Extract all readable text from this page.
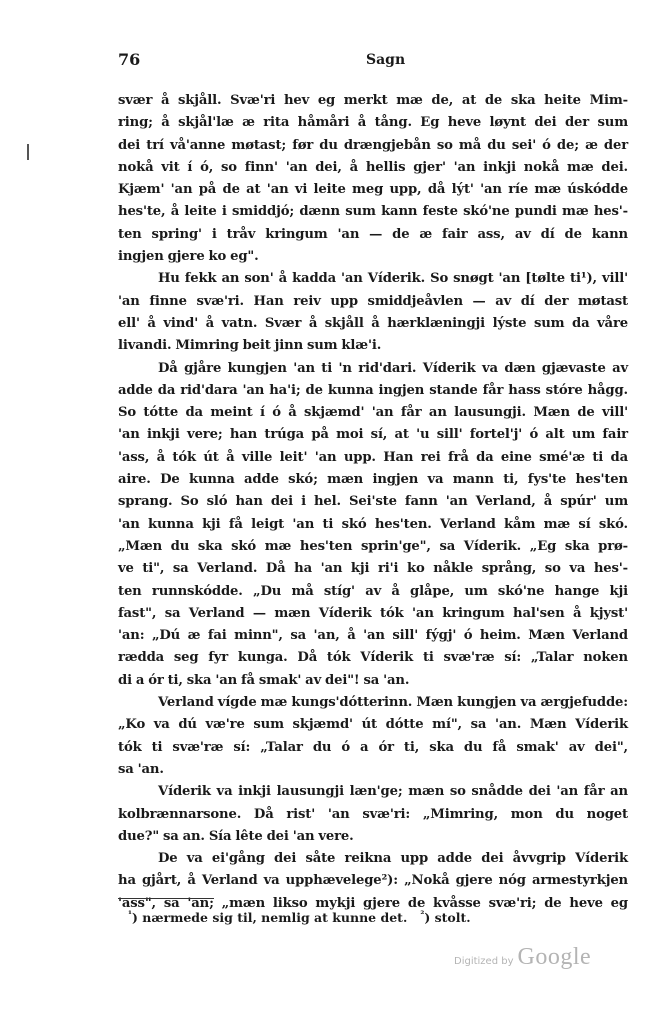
76	Sagn
svær å skjåll. Svæ'ri hev eg merkt mæ de, at de ska heite Mim-
ring; å skjål'læ æ rita håmåri å tång. Eg heve løynt dei der sum
dei trí vå'anne møtast; før du drængjebån so må du sei' ó de; æ der
nokå vit í ó, so finn' 'an dei, å hellis gjer' 'an inkji nokå mæ dei.
Kjæm' 'an på de at 'an vi leite meg upp, då lýt' 'an ríe mæ úskódde
hes'te, å leite i smiddjó; dænn sum kann feste skó'ne pundi mæ hes'-
ten spring' i tråv kringum 'an — de æ fair ass, av dí de kann
ingjen gjere ko eg".
Hu fekk an son' å kadda 'an Víderik. So snøgt 'an [tølte ti¹), vill'
'an finne svæ'ri. Han reiv upp smiddjeåvlen — av dí der møtast
ell' å vind' å vatn. Svær å skjåll å hærklæningji lýste sum da våre
livandi. Mimring beit jinn sum klæ'i.
Då gjåre kungjen 'an ti 'n rid'dari. Víderik va dæn gjævaste av
adde da rid'dara 'an ha'i; de kunna ingjen stande får hass stóre hågg.
So tótte da meint í ó å skjæmd' 'an får an lausungji. Mæn de vill'
'an inkji vere; han trúga på moi sí, at 'u sill' fortel'j' ó alt um fair
'ass, å tók út å ville leit' 'an upp. Han rei frå da eine smé'æ ti da
aire. De kunna adde skó; mæn ingjen va mann ti, fys'te hes'ten
sprang. So sló han dei i hel. Sei'ste fann 'an Verland, å spúr' um
'an kunna kji få leigt 'an ti skó hes'ten. Verland kåm mæ sí skó.
„Mæn du ska skó mæ hes'ten sprin'ge", sa Víderik. „Eg ska prø-
ve ti", sa Verland. Då ha 'an kji ri'i ko nåkle språng, so va hes'-
ten runnskódde. „Du må stíg' av å glåpe, um skó'ne hange kji
fast", sa Verland — mæn Víderik tók 'an kringum hal'sen å kjyst'
'an: „Dú æ fai minn", sa 'an, å 'an sill' fýgj' ó heim. Mæn Verland
rædda seg fyr kunga. Då tók Víderik ti svæ'ræ sí: „Talar noken
di a ór ti, ska 'an få smak' av dei"! sa 'an.
Verland vígde mæ kungs'dótterinn. Mæn kungjen va ærgjefudde:
„Ko va dú væ're sum skjæmd' út dótte mí", sa 'an. Mæn Víderik
tók ti svæ'ræ sí: „Talar du ó a ór ti, ska du få smak' av dei",
sa 'an.
Víderik va inkji lausungji læn'ge; mæn so snådde dei 'an får an
kolbrænnarsone. Då rist' 'an svæ'ri: „Mimring, mon du noget
due?" sa an. Sía lête dei 'an vere.
De va ei'gång dei såte reikna upp adde dei åvvgrip Víderik
ha gjårt, å Verland va upphævelege²): „Nokå gjere nóg armestyrkjen
'ass", sa 'an; „mæn likso mykji gjere de kvåsse svæ'ri; de heve eg
$^{^1}$) nærmede sig til, nemlig at kunne det. $^{^2}$) stolt.
Digitized by Google
